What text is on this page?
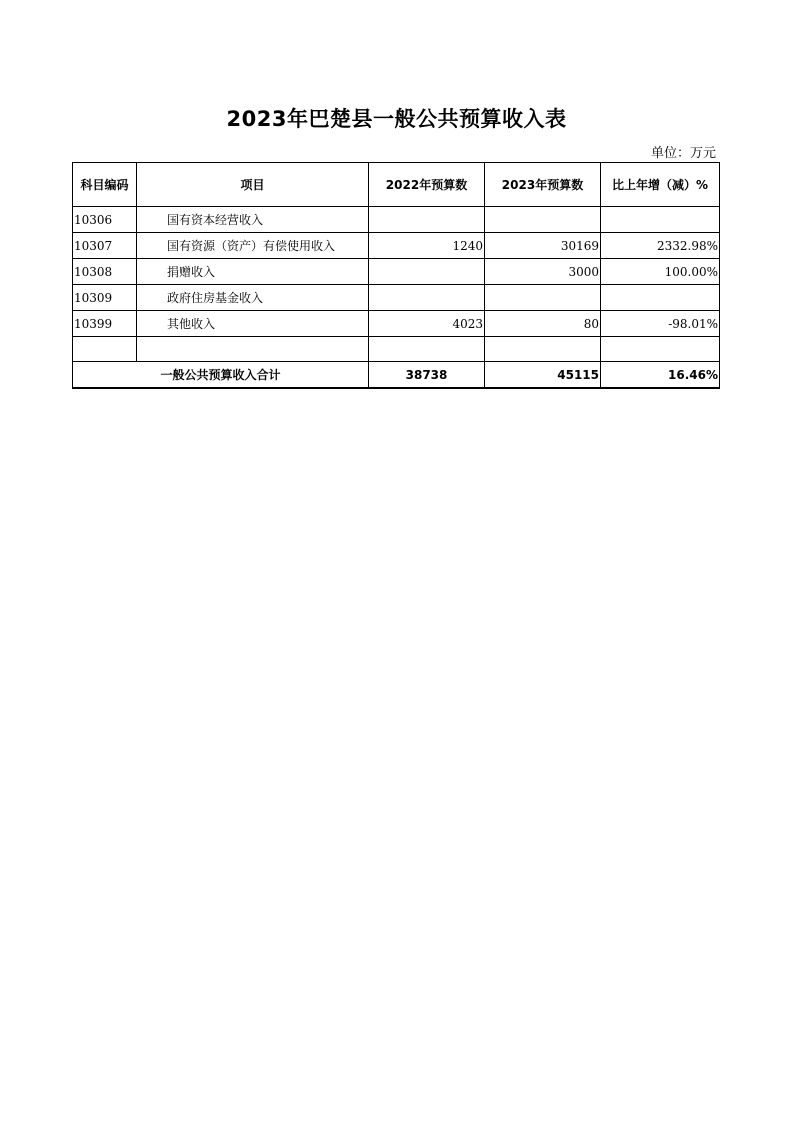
2023年巴楚县一般公共预算收入表
单位：万元
科目编码	项目	2022年预算数	2023年预算数	比上年增（减）%
10306	国有资本经营收入			
10307	国有资源（资产）有偿使用收入	1240	30169	2332.98%
10308	捐赠收入		3000	100.00%
10309	政府住房基金收入			
10399	其他收入	4023	80	-98.01%

一般公共预算收入合计		38738	45115	16.46%
